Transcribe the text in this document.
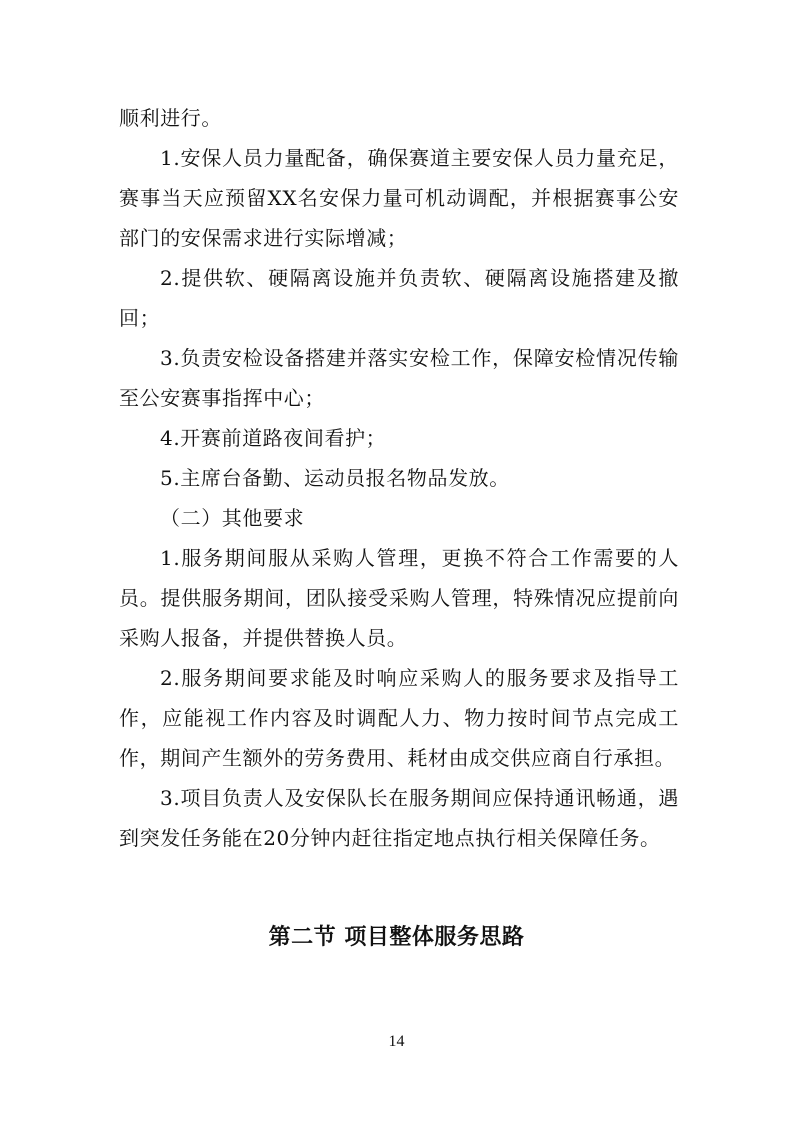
顺利进行。

1.安保人员力量配备，确保赛道主要安保人员力量充足，赛事当天应预留XX名安保力量可机动调配，并根据赛事公安部门的安保需求进行实际增减；

2.提供软、硬隔离设施并负责软、硬隔离设施搭建及撤回；

3.负责安检设备搭建并落实安检工作，保障安检情况传输至公安赛事指挥中心；

4.开赛前道路夜间看护；

5.主席台备勤、运动员报名物品发放。

（二）其他要求

1.服务期间服从采购人管理，更换不符合工作需要的人员。提供服务期间，团队接受采购人管理，特殊情况应提前向采购人报备，并提供替换人员。

2.服务期间要求能及时响应采购人的服务要求及指导工作，应能视工作内容及时调配人力、物力按时间节点完成工作，期间产生额外的劳务费用、耗材由成交供应商自行承担。

3.项目负责人及安保队长在服务期间应保持通讯畅通，遇到突发任务能在20分钟内赶往指定地点执行相关保障任务。

第二节 项目整体服务思路
14
